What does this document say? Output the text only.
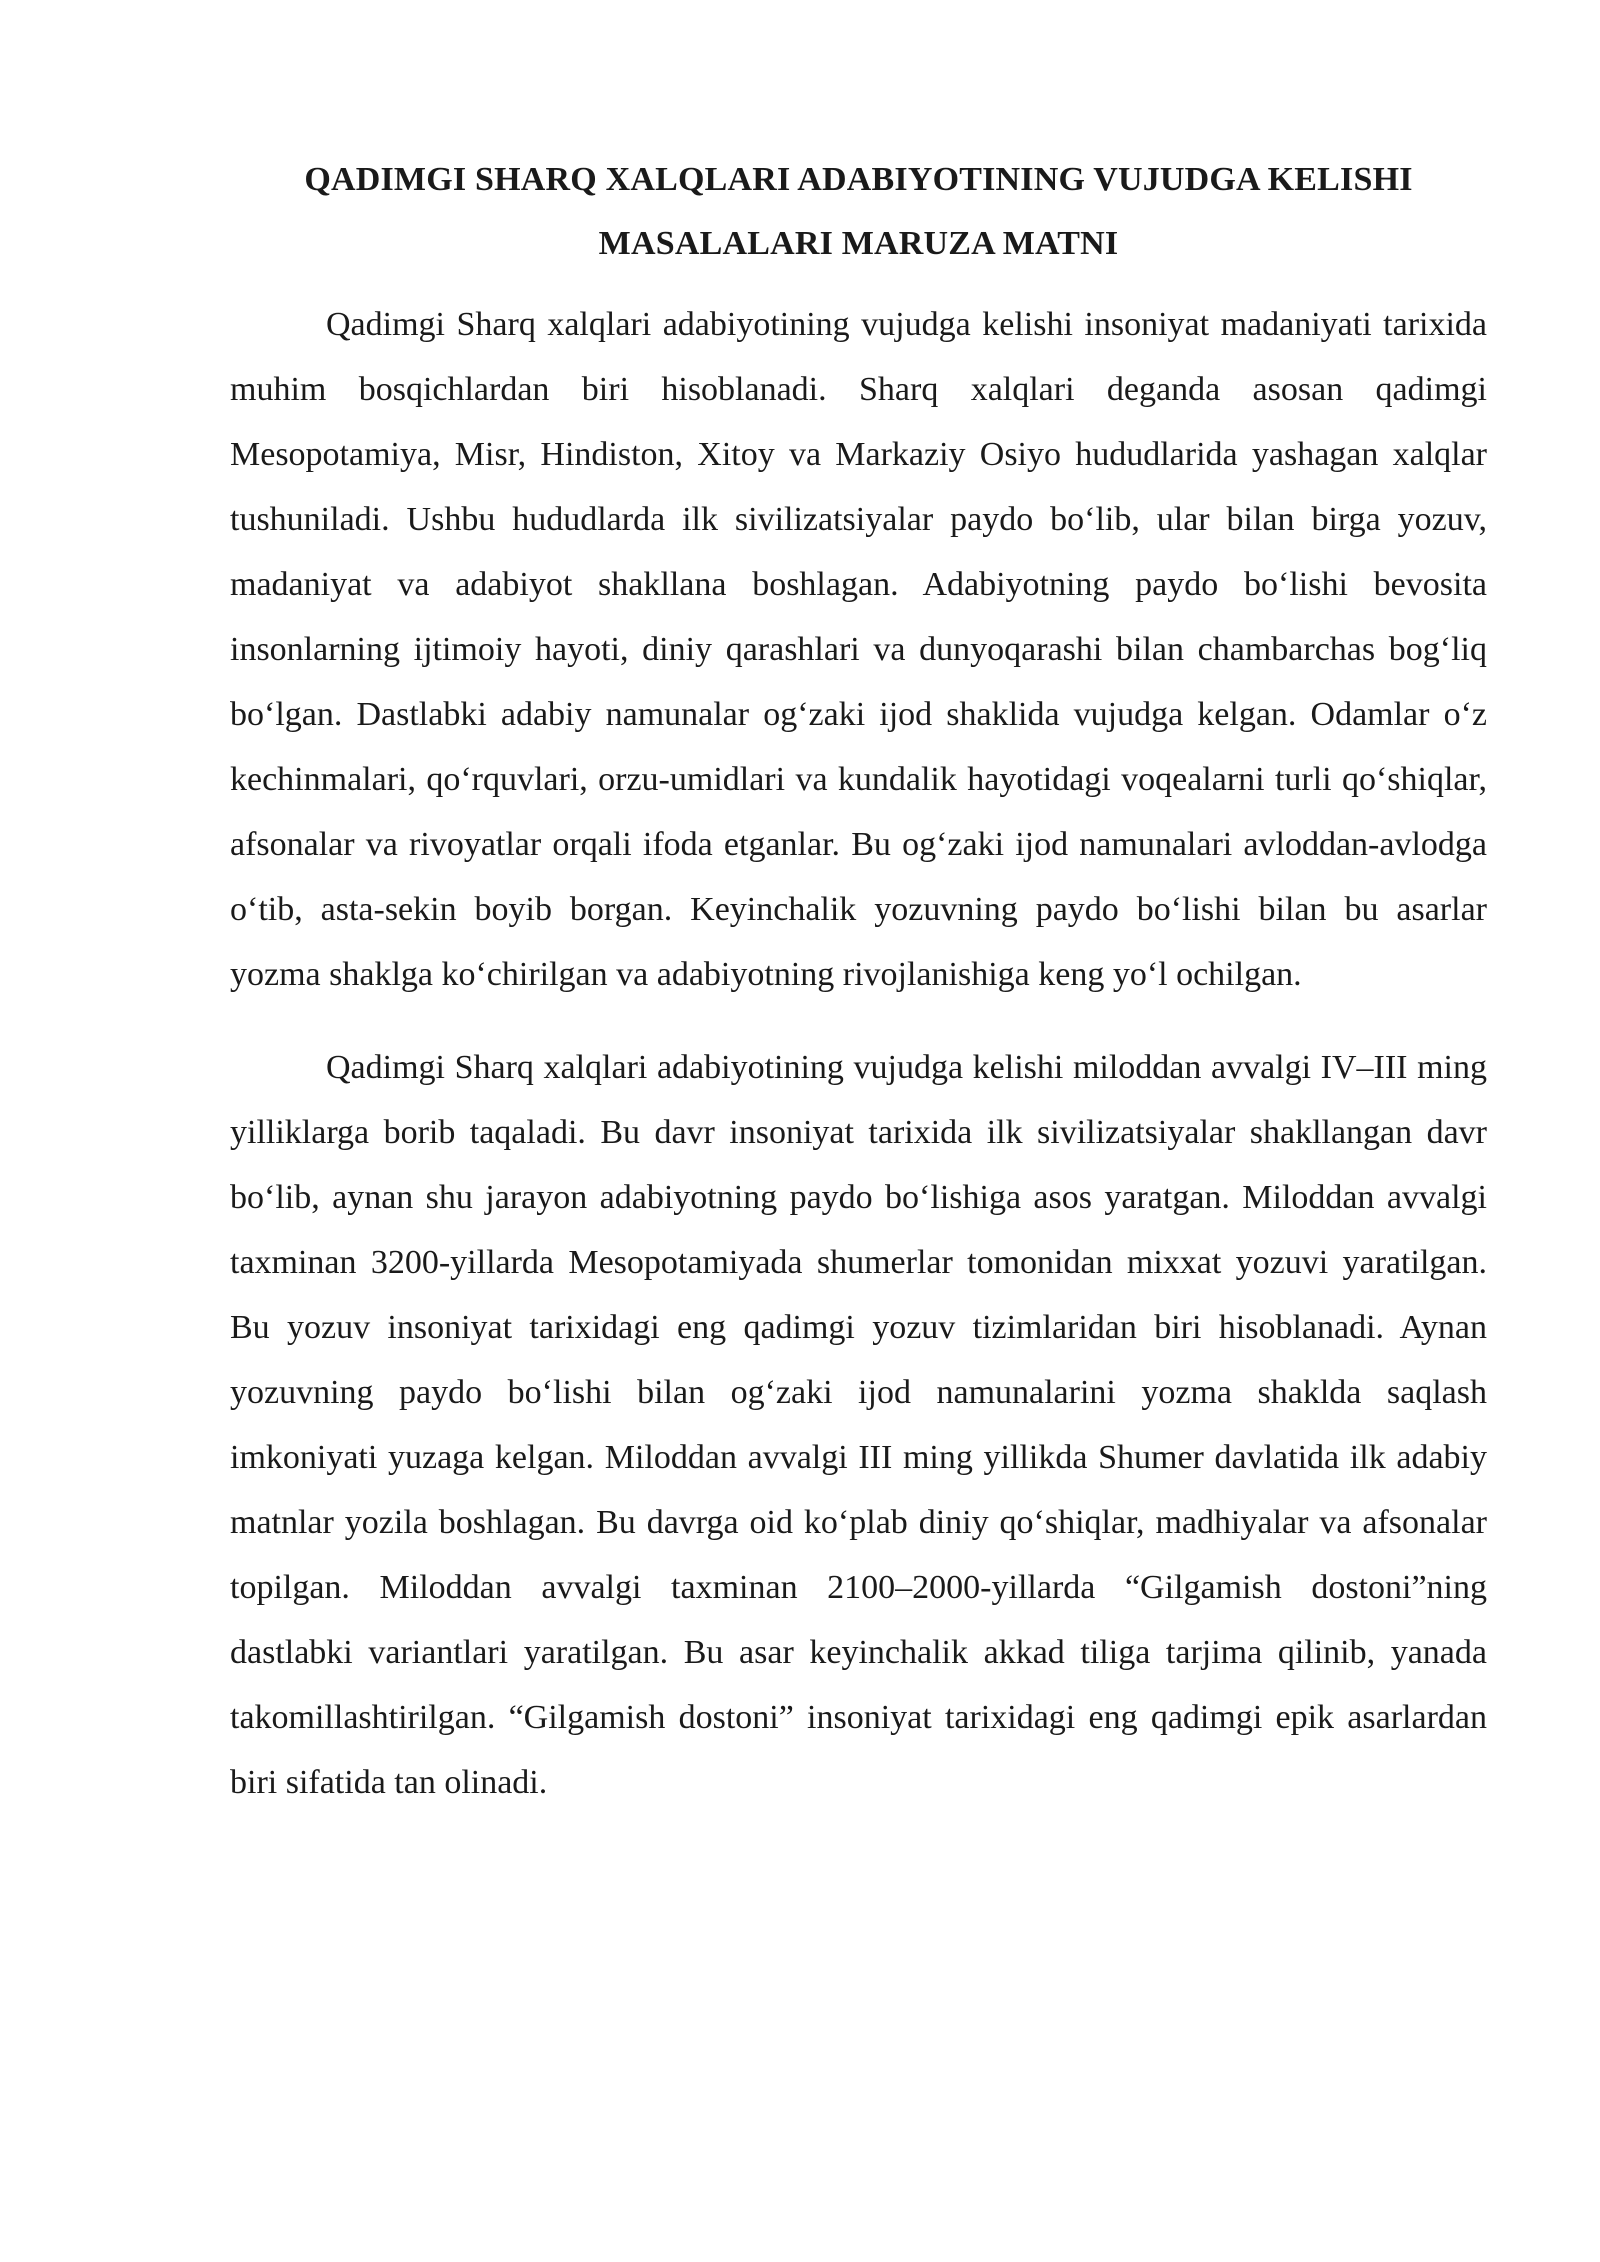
QADIMGI SHARQ XALQLARI ADABIYOTINING VUJUDGA KELISHI
MASALALARI MARUZA MATNI

Qadimgi Sharq xalqlari adabiyotining vujudga kelishi insoniyat madaniyati tarixida muhim bosqichlardan biri hisoblanadi. Sharq xalqlari deganda asosan qadimgi Mesopotamiya, Misr, Hindiston, Xitoy va Markaziy Osiyo hududlarida yashagan xalqlar tushuniladi. Ushbu hududlarda ilk sivilizatsiyalar paydo bo‘lib, ular bilan birga yozuv, madaniyat va adabiyot shakllana boshlagan. Adabiyotning paydo bo‘lishi bevosita insonlarning ijtimoiy hayoti, diniy qarashlari va dunyoqarashi bilan chambarchas bog‘liq bo‘lgan. Dastlabki adabiy namunalar og‘zaki ijod shaklida vujudga kelgan. Odamlar o‘z kechinmalari, qo‘rquvlari, orzu-umidlari va kundalik hayotidagi voqealarni turli qo‘shiqlar, afsonalar va rivoyatlar orqali ifoda etganlar. Bu og‘zaki ijod namunalari avloddan-avlodga o‘tib, asta-sekin boyib borgan. Keyinchalik yozuvning paydo bo‘lishi bilan bu asarlar yozma shaklga ko‘chirilgan va adabiyotning rivojlanishiga keng yo‘l ochilgan.

Qadimgi Sharq xalqlari adabiyotining vujudga kelishi miloddan avvalgi IV–III ming yilliklarga borib taqaladi. Bu davr insoniyat tarixida ilk sivilizatsiyalar shakllangan davr bo‘lib, aynan shu jarayon adabiyotning paydo bo‘lishiga asos yaratgan. Miloddan avvalgi taxminan 3200-yillarda Mesopotamiyada shumerlar tomonidan mixxat yozuvi yaratilgan. Bu yozuv insoniyat tarixidagi eng qadimgi yozuv tizimlaridan biri hisoblanadi. Aynan yozuvning paydo bo‘lishi bilan og‘zaki ijod namunalarini yozma shaklda saqlash imkoniyati yuzaga kelgan. Miloddan avvalgi III ming yillikda Shumer davlatida ilk adabiy matnlar yozila boshlagan. Bu davrga oid ko‘plab diniy qo‘shiqlar, madhiyalar va afsonalar topilgan. Miloddan avvalgi taxminan 2100–2000-yillarda “Gilgamish dostoni”ning dastlabki variantlari yaratilgan. Bu asar keyinchalik akkad tiliga tarjima qilinib, yanada takomillashtirilgan. “Gilgamish dostoni” insoniyat tarixidagi eng qadimgi epik asarlardan biri sifatida tan olinadi.
